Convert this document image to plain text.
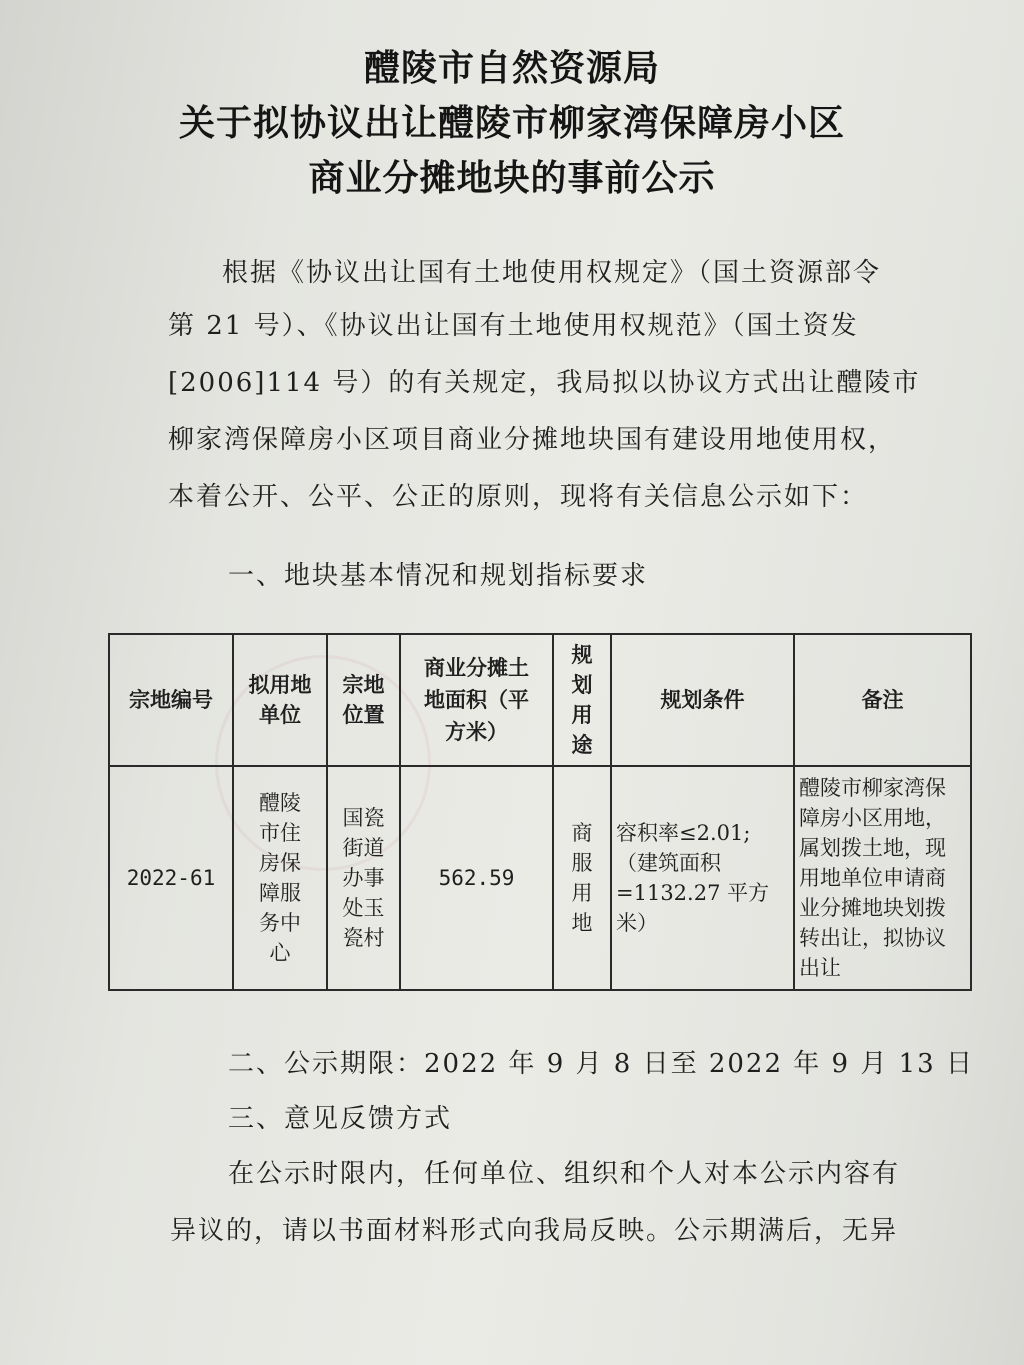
醴陵市自然资源局
关于拟协议出让醴陵市柳家湾保障房小区
商业分摊地块的事前公示
根据《协议出让国有土地使用权规定》（国土资源部令
第 21 号）、《协议出让国有土地使用权规范》（国土资发
[2006]114 号）的有关规定，我局拟以协议方式出让醴陵市
柳家湾保障房小区项目商业分摊地块国有建设用地使用权，
本着公开、公平、公正的原则，现将有关信息公示如下：
一、地块基本情况和规划指标要求
宗地编号	拟用地单位	宗地位置	商业分摊土地面积（平方米）	规划用途	规划条件	备注
2022-61	醴陵市住房保障服务中心	国瓷街道办事处玉瓷村	562.59	商服用地	容积率≤2.01;（建筑面积=1132.27 平方米）	醴陵市柳家湾保障房小区用地，属划拨土地，现用地单位申请商业分摊地块划拨转出让，拟协议出让
二、公示期限：2022 年 9 月 8 日至 2022 年 9 月 13 日
三、意见反馈方式
在公示时限内，任何单位、组织和个人对本公示内容有
异议的，请以书面材料形式向我局反映。公示期满后，无异
